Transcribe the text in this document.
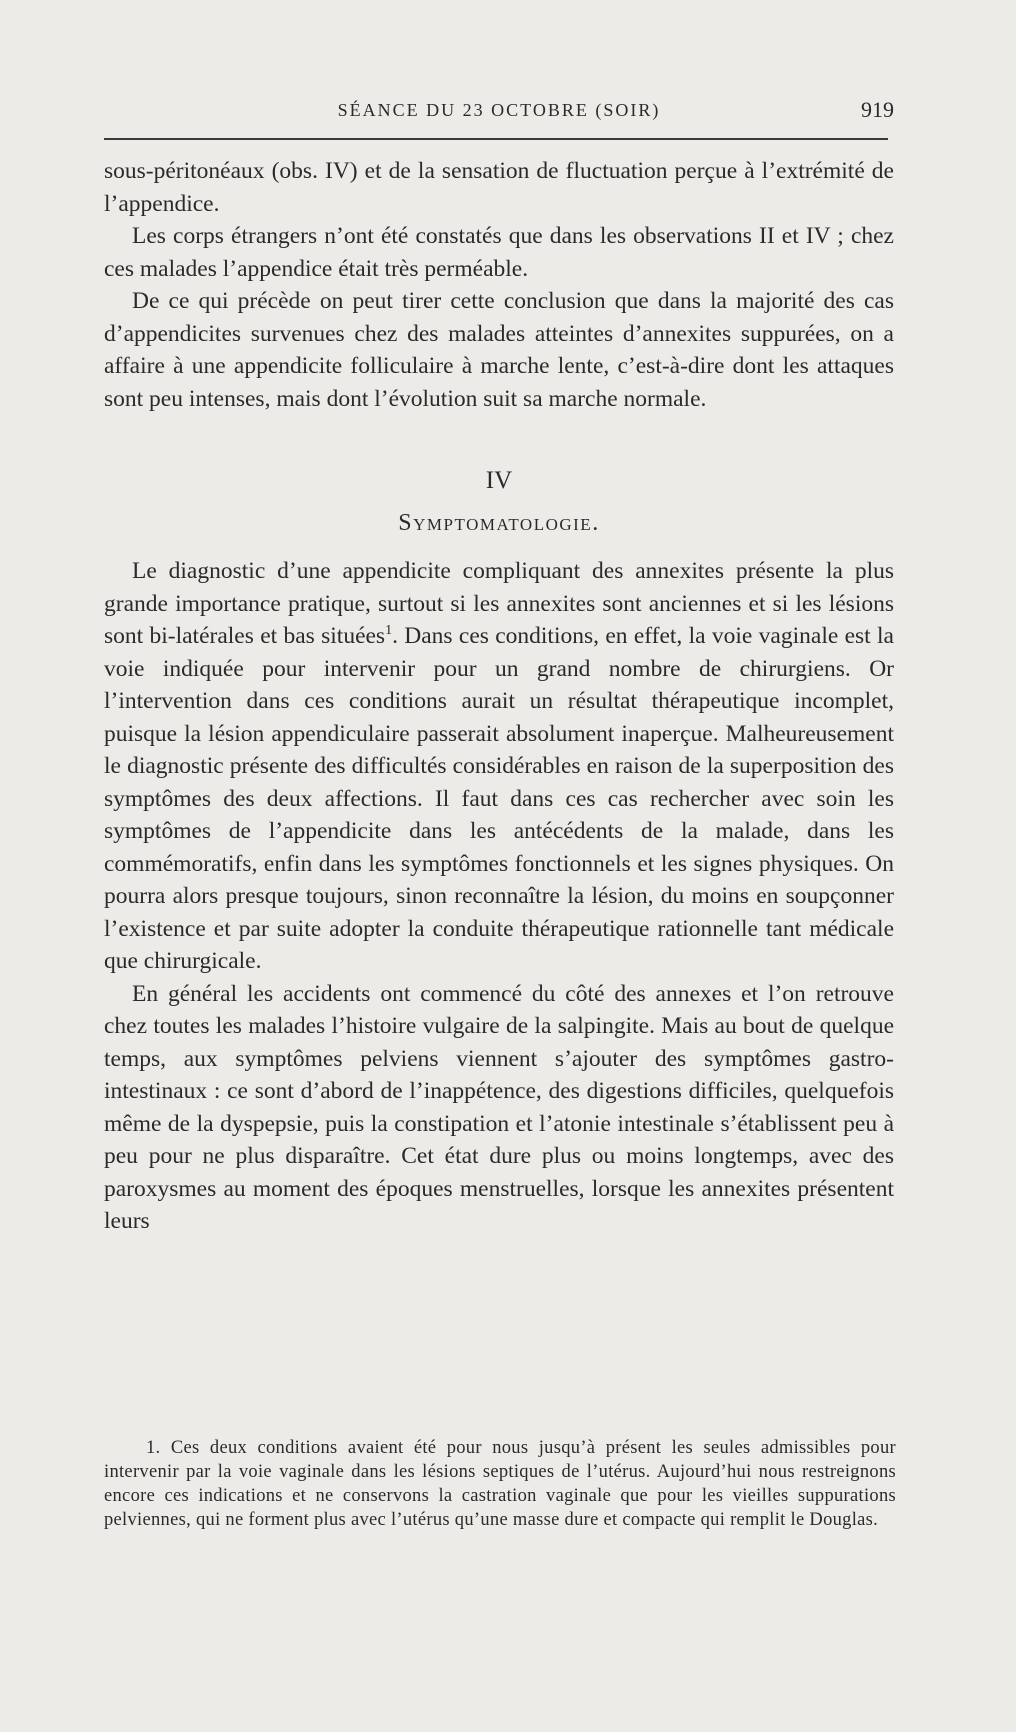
SÉANCE DU 23 OCTOBRE (SOIR)	919

sous-péritonéaux (obs. IV) et de la sensation de fluctuation perçue à l’extrémité de l’appendice.

Les corps étrangers n’ont été constatés que dans les observations II et IV ; chez ces malades l’appendice était très perméable.

De ce qui précède on peut tirer cette conclusion que dans la majorité des cas d’appendicites survenues chez des malades atteintes d’annexites suppurées, on a affaire à une appendicite folliculaire à marche lente, c’est-à-dire dont les attaques sont peu intenses, mais dont l’évolution suit sa marche normale.

IV
Symptomatologie.

Le diagnostic d’une appendicite compliquant des annexites présente la plus grande importance pratique, surtout si les annexites sont anciennes et si les lésions sont bi-latérales et bas situées$^1$. Dans ces conditions, en effet, la voie vaginale est la voie indiquée pour intervenir pour un grand nombre de chirurgiens. Or l’intervention dans ces conditions aurait un résultat thérapeutique incomplet, puisque la lésion appendiculaire passerait absolument inaperçue. Malheureusement le diagnostic présente des difficultés considérables en raison de la superposition des symptômes des deux affections. Il faut dans ces cas rechercher avec soin les symptômes de l’appendicite dans les antécédents de la malade, dans les commémoratifs, enfin dans les symptômes fonctionnels et les signes physiques. On pourra alors presque toujours, sinon reconnaître la lésion, du moins en soupçonner l’existence et par suite adopter la conduite thérapeutique rationnelle tant médicale que chirurgicale.

En général les accidents ont commencé du côté des annexes et l’on retrouve chez toutes les malades l’histoire vulgaire de la salpingite. Mais au bout de quelque temps, aux symptômes pelviens viennent s’ajouter des symptômes gastro-intestinaux : ce sont d’abord de l’inappétence, des digestions difficiles, quelquefois même de la dyspepsie, puis la constipation et l’atonie intestinale s’établissent peu à peu pour ne plus disparaître. Cet état dure plus ou moins longtemps, avec des paroxysmes au moment des époques menstruelles, lorsque les annexites présentent leurs

1. Ces deux conditions avaient été pour nous jusqu’à présent les seules admissibles pour intervenir par la voie vaginale dans les lésions septiques de l’utérus. Aujourd’hui nous restreignons encore ces indications et ne conservons la castration vaginale que pour les vieilles suppurations pelviennes, qui ne forment plus avec l’utérus qu’une masse dure et compacte qui remplit le Douglas.
